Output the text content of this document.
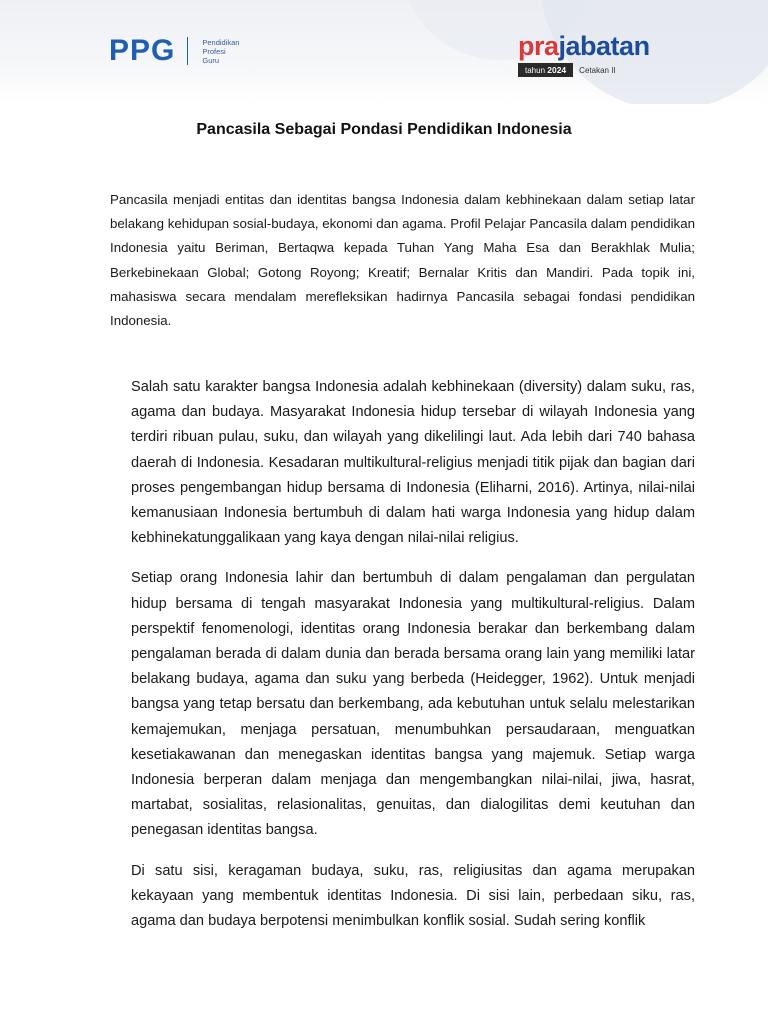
PPG	Pendidikan
Profesi
Guru	prajabatan
tahun 2024	Cetakan II
Pancasila Sebagai Pondasi Pendidikan Indonesia
Pancasila menjadi entitas dan identitas bangsa Indonesia dalam kebhinekaan dalam setiap latar belakang kehidupan sosial-budaya, ekonomi dan agama. Profil Pelajar Pancasila dalam pendidikan Indonesia yaitu Beriman, Bertaqwa kepada Tuhan Yang Maha Esa dan Berakhlak Mulia; Berkebinekaan Global; Gotong Royong; Kreatif; Bernalar Kritis dan Mandiri. Pada topik ini, mahasiswa secara mendalam merefleksikan hadirnya Pancasila sebagai fondasi pendidikan Indonesia.

Salah satu karakter bangsa Indonesia adalah kebhinekaan (diversity) dalam suku, ras, agama dan budaya. Masyarakat Indonesia hidup tersebar di wilayah Indonesia yang terdiri ribuan pulau, suku, dan wilayah yang dikelilingi laut. Ada lebih dari 740 bahasa daerah di Indonesia. Kesadaran multikultural-religius menjadi titik pijak dan bagian dari proses pengembangan hidup bersama di Indonesia (Eliharni, 2016). Artinya, nilai-nilai kemanusiaan Indonesia bertumbuh di dalam hati warga Indonesia yang hidup dalam kebhinekatunggalikaan yang kaya dengan nilai-nilai religius.

Setiap orang Indonesia lahir dan bertumbuh di dalam pengalaman dan pergulatan hidup bersama di tengah masyarakat Indonesia yang multikultural-religius. Dalam perspektif fenomenologi, identitas orang Indonesia berakar dan berkembang dalam pengalaman berada di dalam dunia dan berada bersama orang lain yang memiliki latar belakang budaya, agama dan suku yang berbeda (Heidegger, 1962). Untuk menjadi bangsa yang tetap bersatu dan berkembang, ada kebutuhan untuk selalu melestarikan kemajemukan, menjaga persatuan, menumbuhkan persaudaraan, menguatkan kesetiakawanan dan menegaskan identitas bangsa yang majemuk. Setiap warga Indonesia berperan dalam menjaga dan mengembangkan nilai-nilai, jiwa, hasrat, martabat, sosialitas, relasionalitas, genuitas, dan dialogilitas demi keutuhan dan penegasan identitas bangsa.

Di satu sisi, keragaman budaya, suku, ras, religiusitas dan agama merupakan kekayaan yang membentuk identitas Indonesia. Di sisi lain, perbedaan siku, ras, agama dan budaya berpotensi menimbulkan konflik sosial. Sudah sering konflik
